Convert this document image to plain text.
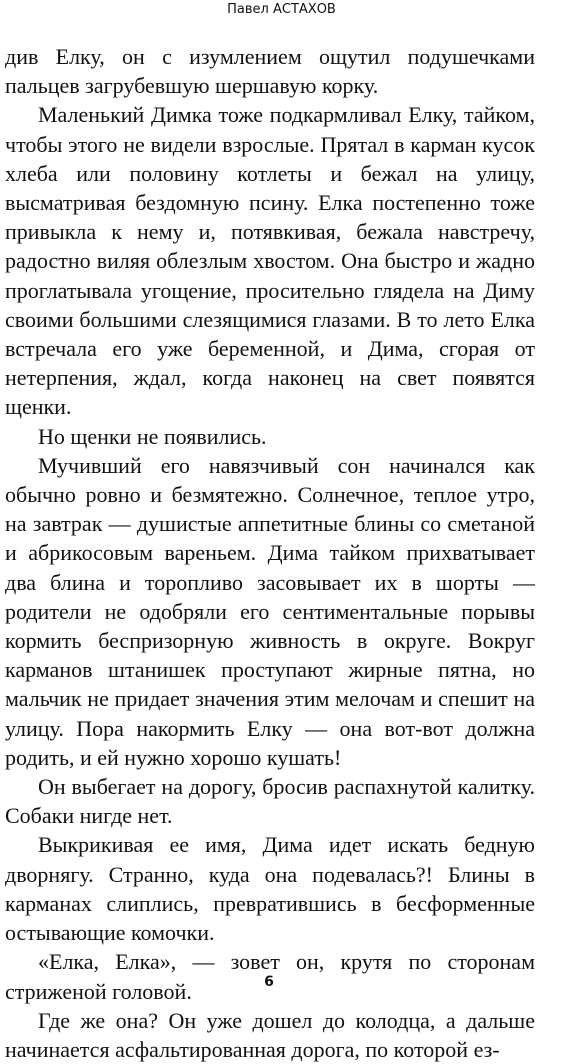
Павел АСТАХОВ

див Елку, он с изумлением ощутил подушечками пальцев загрубевшую шершавую корку.

Маленький Димка тоже подкармливал Елку, тайком, чтобы этого не видели взрослые. Прятал в карман кусок хлеба или половину котлеты и бежал на улицу, высматривая бездомную псину. Елка постепенно тоже привыкла к нему и, потявкивая, бежала навстречу, радостно виляя облезлым хвостом. Она быстро и жадно проглатывала угощение, просительно глядела на Диму своими большими слезящимися глазами. В то лето Елка встречала его уже беременной, и Дима, сгорая от нетерпения, ждал, когда наконец на свет появятся щенки.

Но щенки не появились.

Мучивший его навязчивый сон начинался как обычно ровно и безмятежно. Солнечное, теплое утро, на завтрак — душистые аппетитные блины со сметаной и абрикосовым вареньем. Дима тайком прихватывает два блина и торопливо засовывает их в шорты — родители не одобряли его сентиментальные порывы кормить беспризорную живность в округе. Вокруг карманов штанишек проступают жирные пятна, но мальчик не придает значения этим мелочам и спешит на улицу. Пора накормить Елку — она вот-вот должна родить, и ей нужно хорошо кушать!

Он выбегает на дорогу, бросив распахнутой калитку. Собаки нигде нет.

Выкрикивая ее имя, Дима идет искать бедную дворнягу. Странно, куда она подевалась?! Блины в карманах слиплись, превратившись в бесформенные остывающие комочки.

«Елка, Елка», — зовет он, крутя по сторонам стриженой головой.

Где же она? Он уже дошел до колодца, а дальше начинается асфальтированная дорога, по которой ез-

6
